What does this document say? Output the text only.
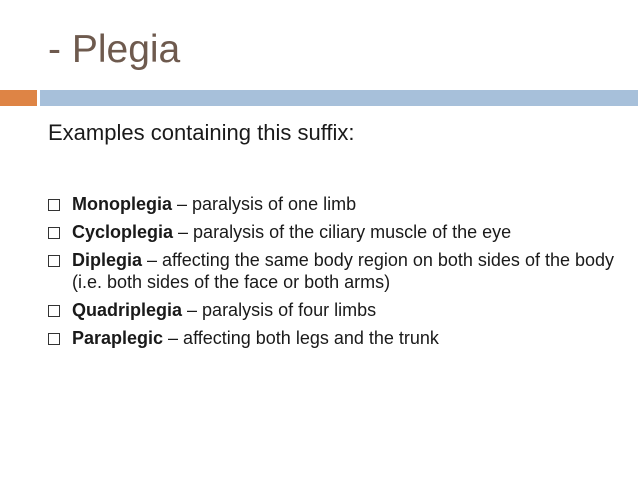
- Plegia
Examples containing this suffix:
Monoplegia – paralysis of one limb
Cycloplegia – paralysis of the ciliary muscle of the eye
Diplegia – affecting the same body region on both sides of the body (i.e. both sides of the face or both arms)
Quadriplegia – paralysis of four limbs
Paraplegic – affecting both legs and the trunk
